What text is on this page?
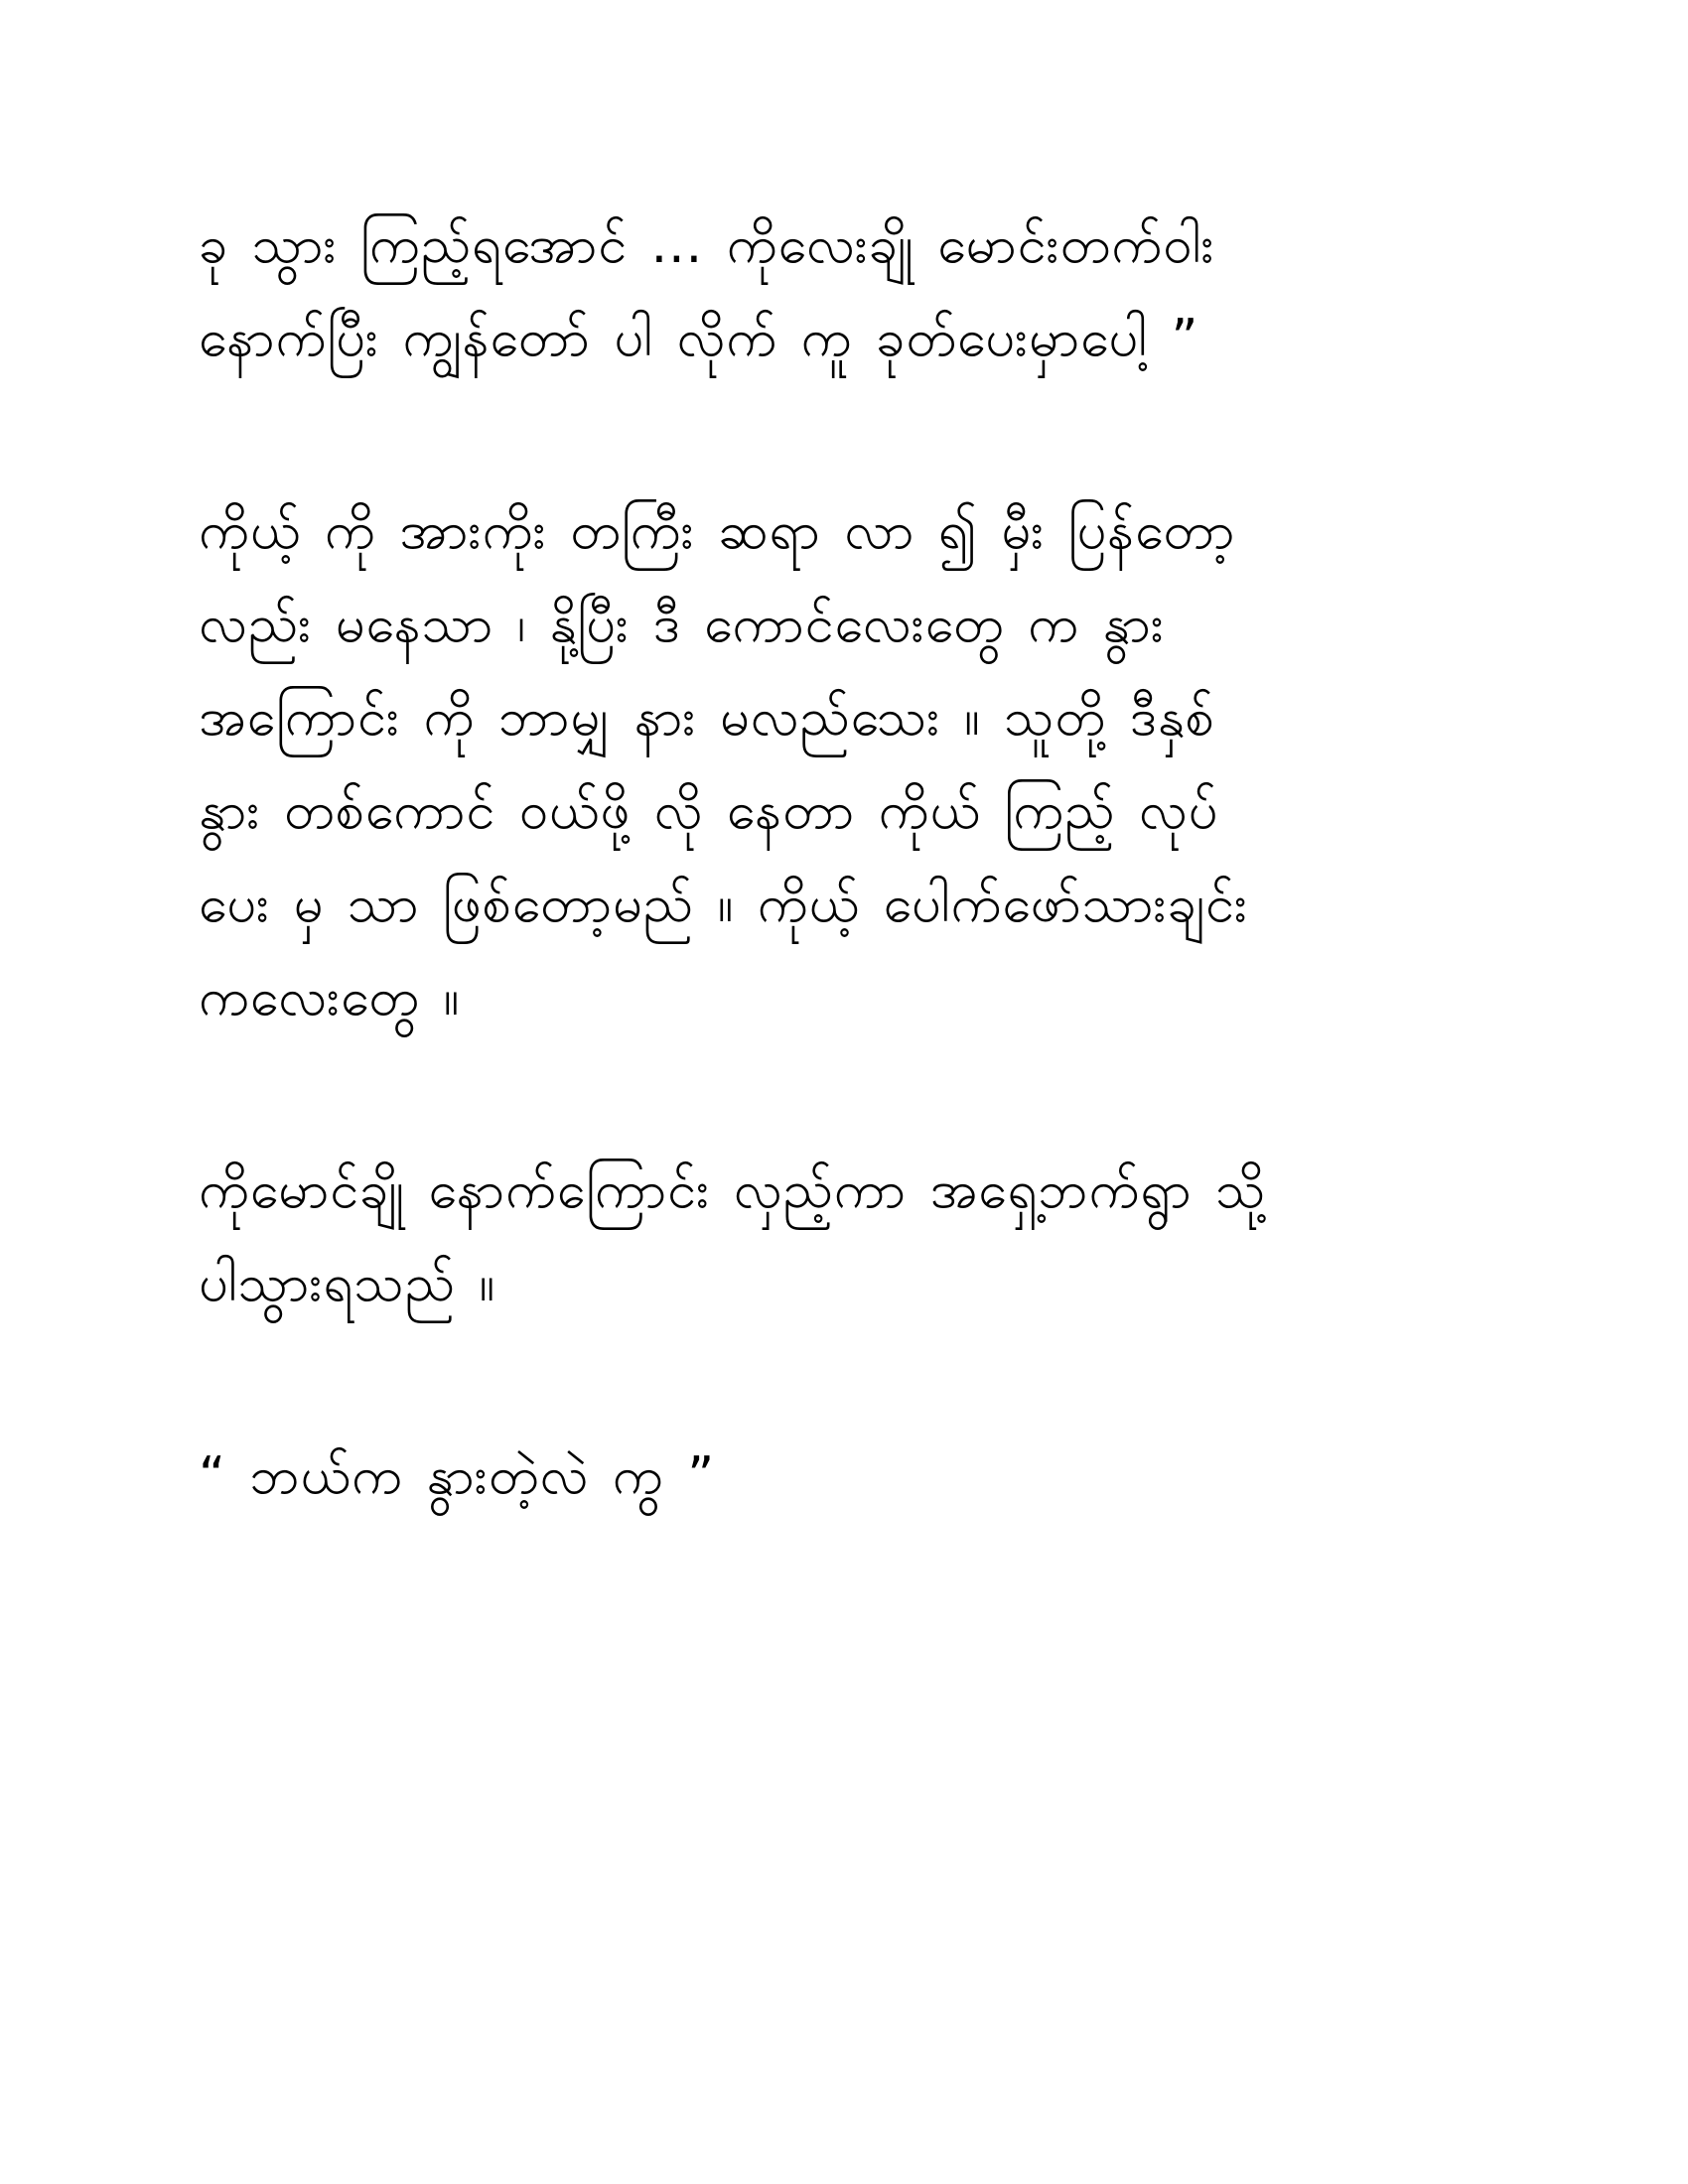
ခု သွား ကြည့်ရအောင် ... ကိုလေးချို မောင်းတက်ဝါး
နောက်ပြီး ကျွန်တော် ပါ လိုက် ကူ ခုတ်ပေးမှာပေါ့ ”
ကိုယ့် ကို အားကိုး တကြီး ဆရာ လာ ၍ မှီး ပြန်တော့
လည်း မနေသာ ၊ နို့ပြီး ဒီ ကောင်လေးတွေ က နွား
အကြောင်း ကို ဘာမျှ နား မလည်သေး ။ သူတို့ ဒီနှစ်
နွား တစ်ကောင် ဝယ်ဖို့ လို နေတာ ကိုယ် ကြည့် လုပ်
ပေး မှ သာ ဖြစ်တော့မည် ။ ကိုယ့် ပေါက်ဖော်သားချင်း
ကလေးတွေ ။
ကိုမောင်ချို နောက်ကြောင်း လှည့်ကာ အရှေ့ဘက်ရွာ သို့
ပါသွားရသည် ။
“ ဘယ်က နွားတဲ့လဲ ကွ ”
